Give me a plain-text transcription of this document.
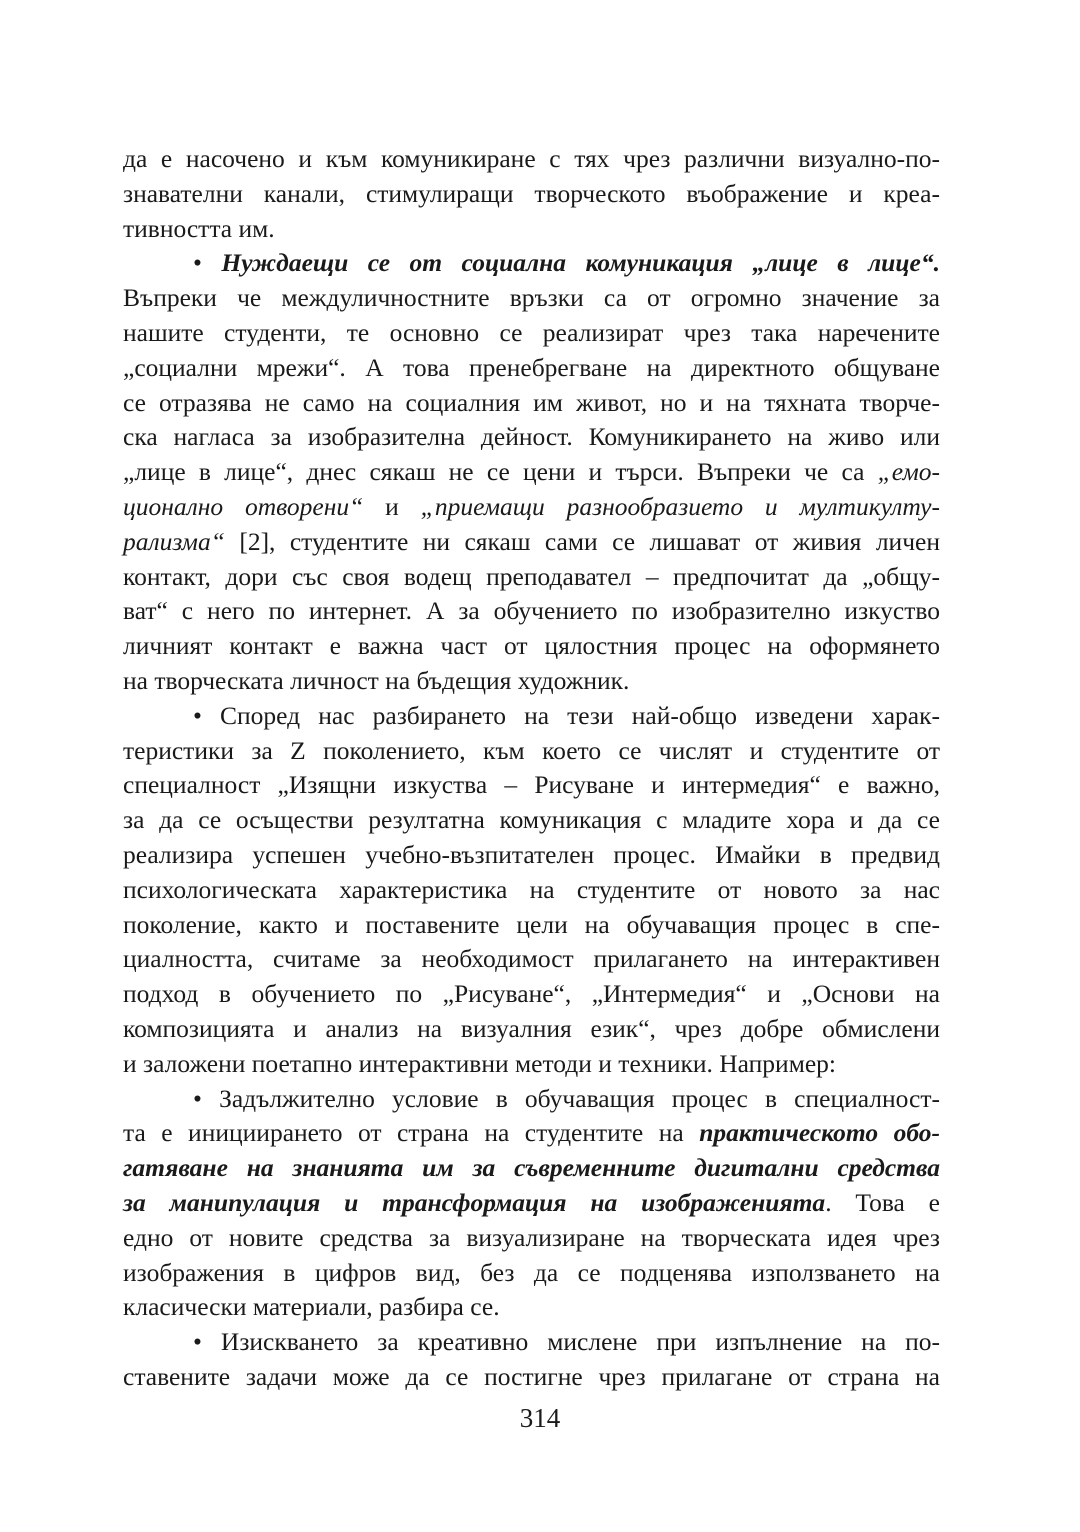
да е насочено и към комуникиране с тях чрез различни визуално-по-
знавателни канали, стимулиращи творческото въображение и креа-
тивността им.
• Нуждаещи се от социална комуникация „лице в лице“.
Въпреки че междуличностните връзки са от огромно значение за
нашите студенти, те основно се реализират чрез така наречените
„социални мрежи“. А това пренебрегване на директното общуване
се отразява не само на социалния им живот, но и на тяхната творче-
ска нагласа за изобразителна дейност. Комуникирането на живо или
„лице в лице“, днес сякаш не се цени и търси. Въпреки че са „емо-
ционално отворени“ и „приемащи разнообразието и мултикулту-
рализма“ [2], студентите ни сякаш сами се лишават от живия личен
контакт, дори със своя водещ преподавател – предпочитат да „общу-
ват“ с него по интернет. А за обучението по изобразително изкуство
личният контакт е важна част от цялостния процес на оформянето
на творческата личност на бъдещия художник.
• Според нас разбирането на тези най-общо изведени харак-
теристики за Z поколението, към което се числят и студентите от
специалност „Изящни изкуства – Рисуване и интермедия“ е важно,
за да се осъществи резултатна комуникация с младите хора и да се
реализира успешен учебно-възпитателен процес. Имайки в предвид
психологическата характеристика на студентите от новото за нас
поколение, както и поставените цели на обучаващия процес в спе-
циалността, считаме за необходимост прилагането на интерактивен
подход в обучението по „Рисуване“, „Интермедия“ и „Основи на
композицията и анализ на визуалния език“, чрез добре обмислени
и заложени поетапно интерактивни методи и техники. Например:
• Задължително условие в обучаващия процес в специалност-
та е инициирането от страна на студентите на практическото обо-
гатяване на знанията им за съвременните дигитални средства
за манипулация и трансформация на изображенията. Това е
едно от новите средства за визуализиране на творческата идея чрез
изображения в цифров вид, без да се подценява използването на
класически материали, разбира се.
• Изискването за креативно мислене при изпълнение на по-
ставените задачи може да се постигне чрез прилагане от страна на
314
